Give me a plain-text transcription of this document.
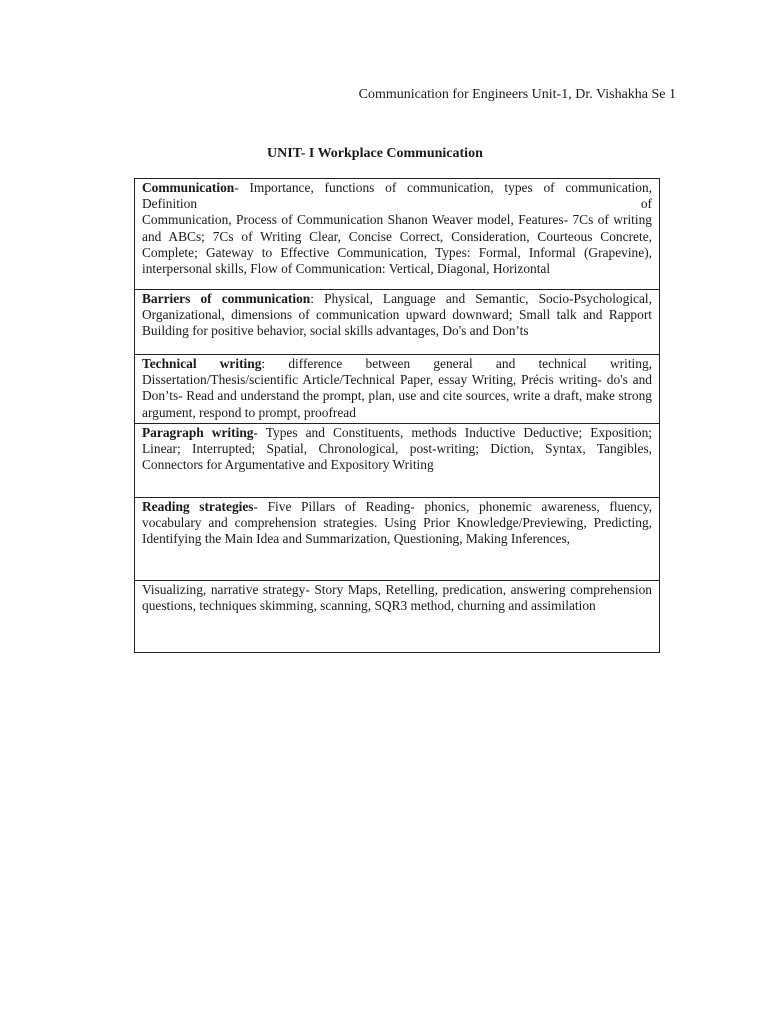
Communication for Engineers Unit-1, Dr. Vishakha Se 1
UNIT- I Workplace Communication
Communication- Importance, functions of communication, types of communication, Definition of
Communication, Process of Communication Shanon Weaver model, Features- 7Cs of writing and ABCs; 7Cs of Writing Clear, Concise Correct, Consideration, Courteous Concrete, Complete; Gateway to Effective Communication, Types: Formal, Informal (Grapevine), interpersonal skills, Flow of Communication: Vertical, Diagonal, Horizontal

Barriers of communication: Physical, Language and Semantic, Socio-Psychological, Organizational, dimensions of communication upward downward; Small talk and Rapport Building for positive behavior, social skills advantages, Do's and Don’ts
Technical writing: difference between general and technical writing, Dissertation/Thesis/scientific Article/Technical Paper, essay Writing, Précis writing- do's and Don’ts- Read and understand the prompt, plan, use and cite sources, write a draft, make strong argument, respond to prompt, proofread
Paragraph writing- Types and Constituents, methods Inductive Deductive; Exposition; Linear; Interrupted; Spatial, Chronological, post-writing; Diction, Syntax, Tangibles, Connectors for Argumentative and Expository Writing
Reading strategies- Five Pillars of Reading- phonics, phonemic awareness, fluency, vocabulary and comprehension strategies. Using Prior Knowledge/Previewing, Predicting, Identifying the Main Idea and Summarization, Questioning, Making Inferences,
Visualizing, narrative strategy- Story Maps, Retelling, predication, answering comprehension questions, techniques skimming, scanning, SQR3 method, churning and assimilation
